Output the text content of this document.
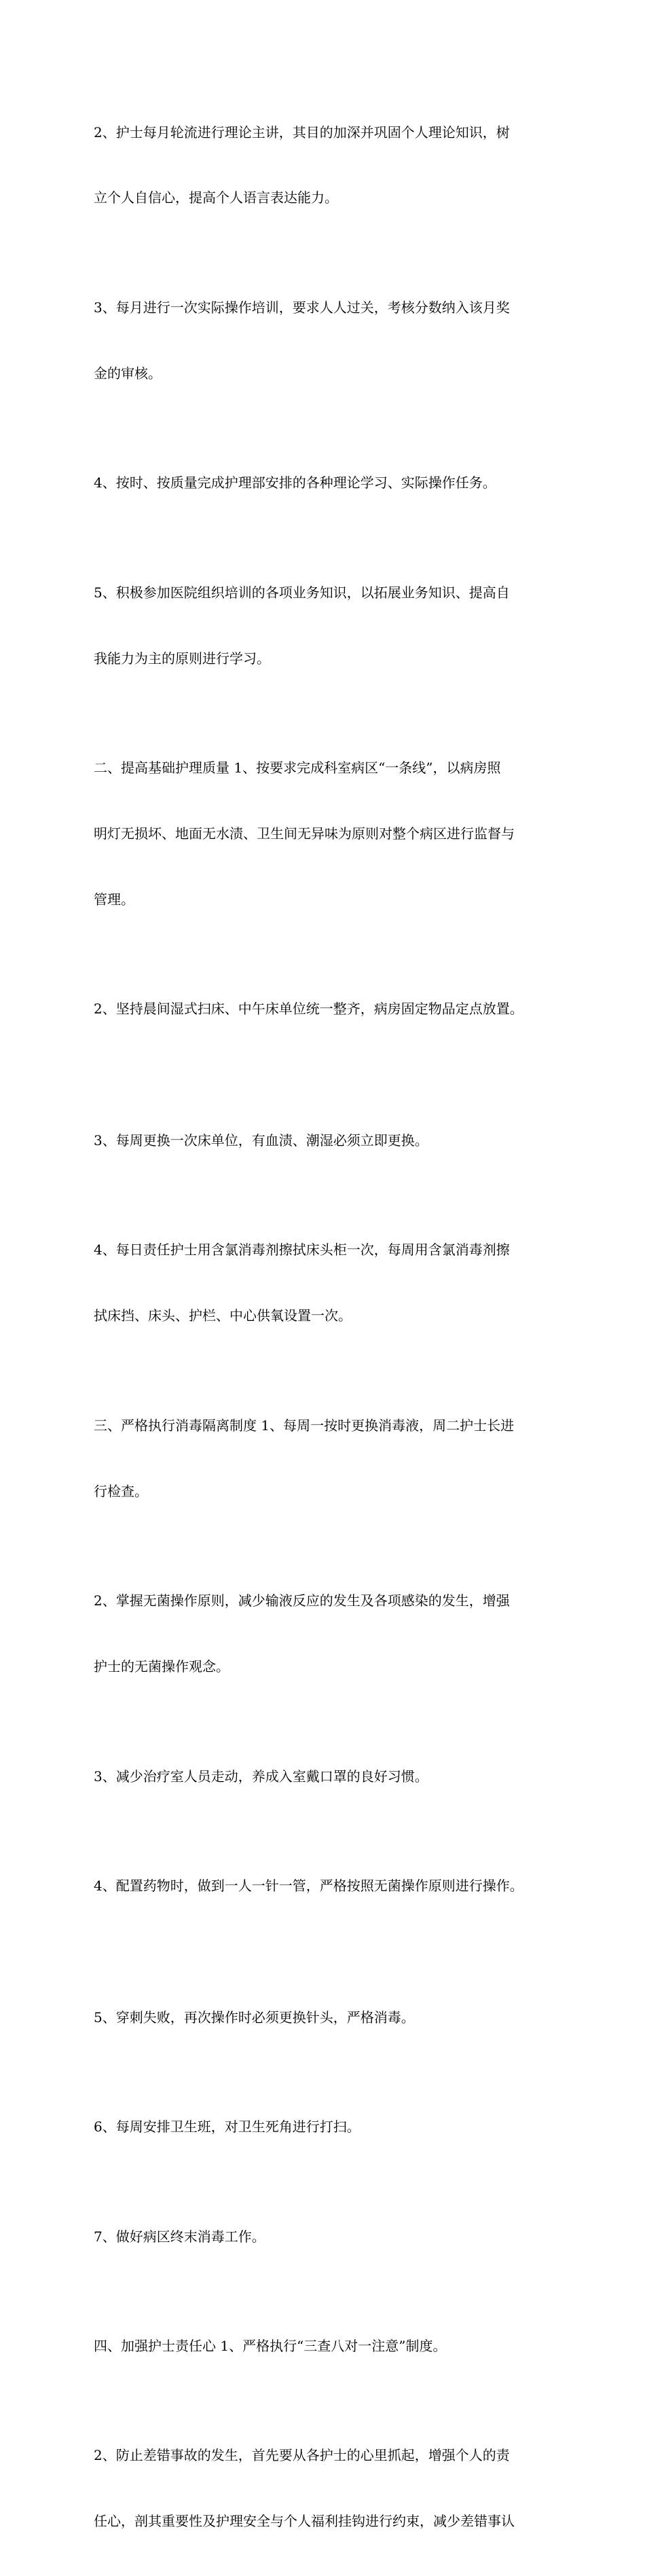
2、护士每月轮流进行理论主讲，其目的加深并巩固个人理论知识，树

立个人自信心，提高个人语言表达能力。

3、每月进行一次实际操作培训，要求人人过关，考核分数纳入该月奖

金的审核。

4、按时、按质量完成护理部安排的各种理论学习、实际操作任务。

5、积极参加医院组织培训的各项业务知识，以拓展业务知识、提高自

我能力为主的原则进行学习。

二、提高基础护理质量 1、按要求完成科室病区“一条线”，以病房照

明灯无损坏、地面无水渍、卫生间无异味为原则对整个病区进行监督与

管理。

2、坚持晨间湿式扫床、中午床单位统一整齐，病房固定物品定点放置。

3、每周更换一次床单位，有血渍、潮湿必须立即更换。

4、每日责任护士用含氯消毒剂擦拭床头柜一次，每周用含氯消毒剂擦

拭床挡、床头、护栏、中心供氧设置一次。

三、严格执行消毒隔离制度 1、每周一按时更换消毒液，周二护士长进

行检查。

2、掌握无菌操作原则，减少输液反应的发生及各项感染的发生，增强

护士的无菌操作观念。

3、减少治疗室人员走动，养成入室戴口罩的良好习惯。

4、配置药物时，做到一人一针一管，严格按照无菌操作原则进行操作。

5、穿刺失败，再次操作时必须更换针头，严格消毒。

6、每周安排卫生班，对卫生死角进行打扫。

7、做好病区终末消毒工作。

四、加强护士责任心 1、严格执行“三查八对一注意”制度。

2、防止差错事故的发生，首先要从各护士的心里抓起，增强个人的责

任心，剖其重要性及护理安全与个人福利挂钩进行约束，减少差错事认
